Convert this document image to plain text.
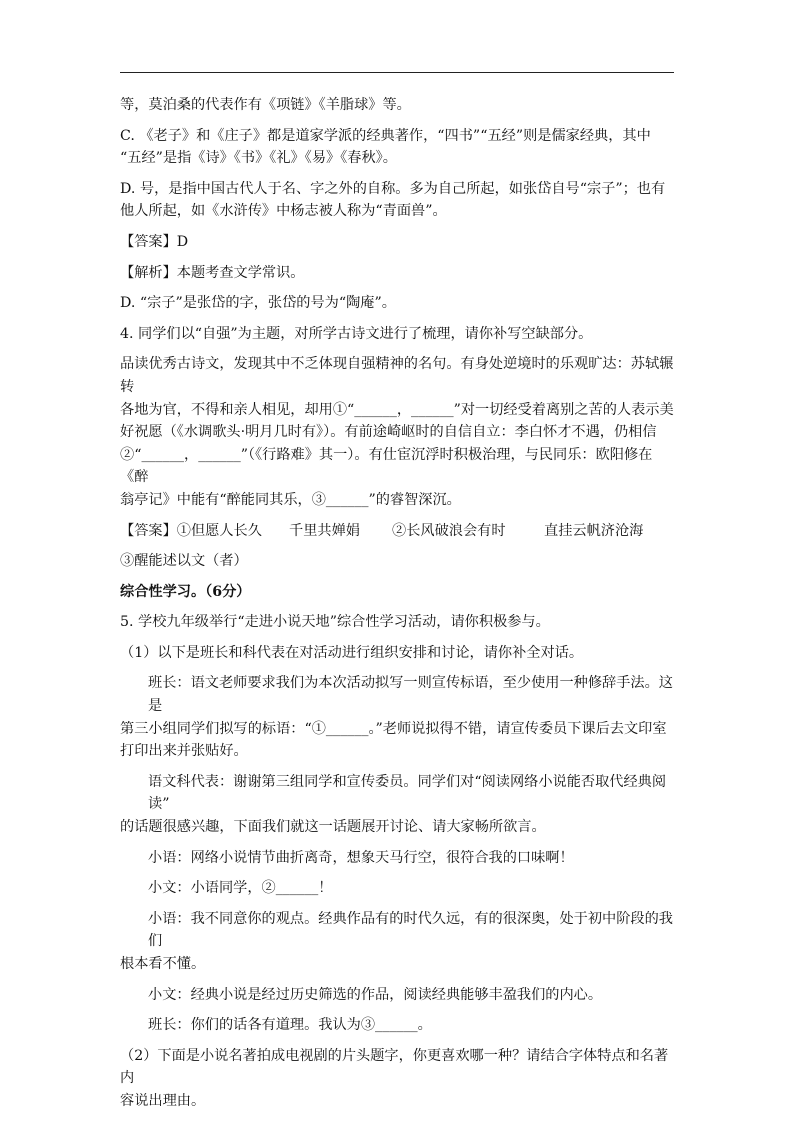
等，莫泊桑的代表作有《项链》《羊脂球》等。

C. 《老子》和《庄子》都是道家学派的经典著作，“四书”“五经”则是儒家经典，其中

“五经”是指《诗》《书》《礼》《易》《春秋》。

D. 号，是指中国古代人于名、字之外的自称。多为自己所起，如张岱自号“宗子”；也有

他人所起，如《水浒传》中杨志被人称为“青面兽”。

【答案】D

【解析】本题考查文学常识。

D. “宗子”是张岱的字，张岱的号为“陶庵”。

4. 同学们以“自强”为主题，对所学古诗文进行了梳理，请你补写空缺部分。

品读优秀古诗文，发现其中不乏体现自强精神的名句。有身处逆境时的乐观旷达：苏轼辗转

各地为官，不得和亲人相见，却用①“______，______”对一切经受着离别之苦的人表示美

好祝愿（《水调歌头·明月几时有》）。有前途崎岖时的自信自立：李白怀才不遇，仍相信

②“______，______”（《行路难》其一）。有仕宦沉浮时积极治理，与民同乐：欧阳修在《醉

翁亭记》中能有“醉能同其乐，③______”的睿智深沉。

【答案】①但愿人长久	千里共婵娟	②长风破浪会有时	直挂云帆济沧海

③醒能述以文（者）

综合性学习。（6分）

5. 学校九年级举行“走进小说天地”综合性学习活动，请你积极参与。

（1）以下是班长和科代表在对活动进行组织安排和讨论，请你补全对话。

班长：语文老师要求我们为本次活动拟写一则宣传标语，至少使用一种修辞手法。这是

第三小组同学们拟写的标语：“①______。”老师说拟得不错，请宣传委员下课后去文印室

打印出来并张贴好。

语文科代表：谢谢第三组同学和宣传委员。同学们对“阅读网络小说能否取代经典阅读”

的话题很感兴趣，下面我们就这一话题展开讨论、请大家畅所欲言。

小语：网络小说情节曲折离奇，想象天马行空，很符合我的口味啊！

小文：小语同学，②______！

小语：我不同意你的观点。经典作品有的时代久远，有的很深奥，处于初中阶段的我们

根本看不懂。

小文：经典小说是经过历史筛选的作品，阅读经典能够丰盈我们的内心。

班长：你们的话各有道理。我认为③______。

（2）下面是小说名著拍成电视剧的片头题字，你更喜欢哪一种？请结合字体特点和名著内

容说出理由。
